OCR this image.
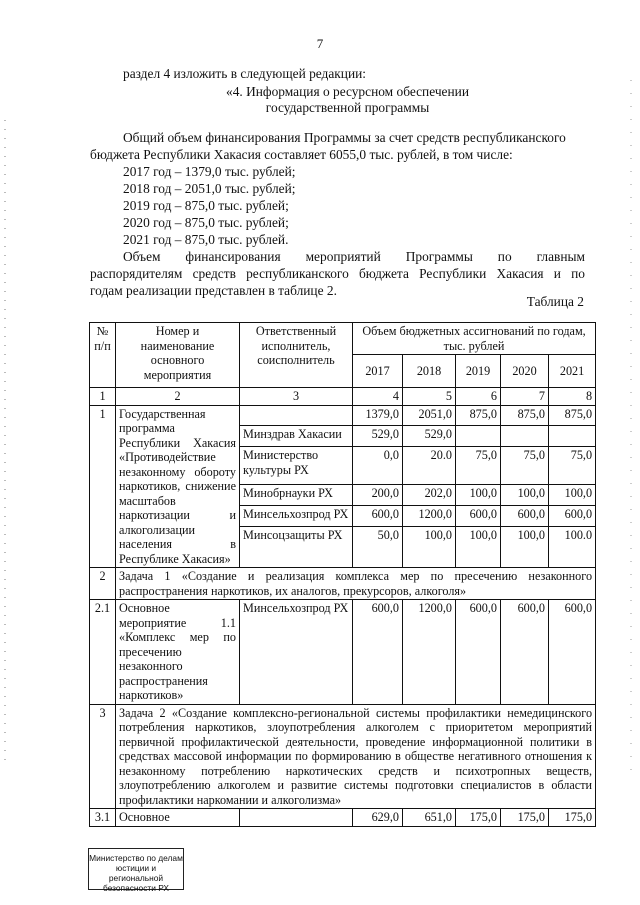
7
раздел 4 изложить в следующей редакции:
«4. Информация о ресурсном обеспечении
государственной программы
Общий объем финансирования Программы за счет средств республиканского
бюджета Республики Хакасия составляет 6055,0 тыс. рублей, в том числе:
2017 год – 1379,0 тыс. рублей;
2018 год – 2051,0 тыс. рублей;
2019 год – 875,0 тыс. рублей;
2020 год – 875,0 тыс. рублей;
2021 год – 875,0 тыс. рублей.
Объем финансирования мероприятий Программы по главным
распорядителям средств республиканского бюджета Республики Хакасия и по
годам реализации представлен в таблице 2.
Таблица 2
№ п/п	Номер и наименование основного мероприятия	Ответственный исполнитель, соисполнитель	Объем бюджетных ассигнований по годам, тыс. рублей				
			2017	2018	2019	2020	2021
1	2	3	4	5	6	7	8
1	Государственная программа Республики Хакасия «Противодействие незаконному обороту наркотиков, снижение масштабов наркотизации и алкоголизации населения в Республике Хакасия»		1379,0	2051,0	875,0	875,0	875,0
		Минздрав Хакасии	529,0	529,0			
		Министерство культуры РХ	0,0	20.0	75,0	75,0	75,0
		Минобрнауки РХ	200,0	202,0	100,0	100,0	100,0
		Минсельхозпрод РХ	600,0	1200,0	600,0	600,0	600,0
		Минсоцзащиты РХ	50,0	100,0	100,0	100,0	100.0
2	Задача 1 «Создание и реализация комплекса мер по пресечению незаконного распространения наркотиков, их аналогов, прекурсоров, алкоголя»						
2.1	Основное мероприятие 1.1 «Комплекс мер по пресечению незаконного распространения наркотиков»	Минсельхозпрод РХ	600,0	1200,0	600,0	600,0	600,0
3	Задача 2 «Создание комплексно-региональной системы профилактики немедицинского потребления наркотиков, злоупотребления алкоголем с приоритетом мероприятий первичной профилактической деятельности, проведение информационной политики в средствах массовой информации по формированию в обществе негативного отношения к незаконному потреблению наркотических средств и психотропных веществ, злоупотреблению алкоголем и развитие системы подготовки специалистов в области профилактики наркомании и алкоголизма»						
3.1	Основное		629,0	651,0	175,0	175,0	175,0
Министерство по делам
юстиции и региональной
безопасности РХ
